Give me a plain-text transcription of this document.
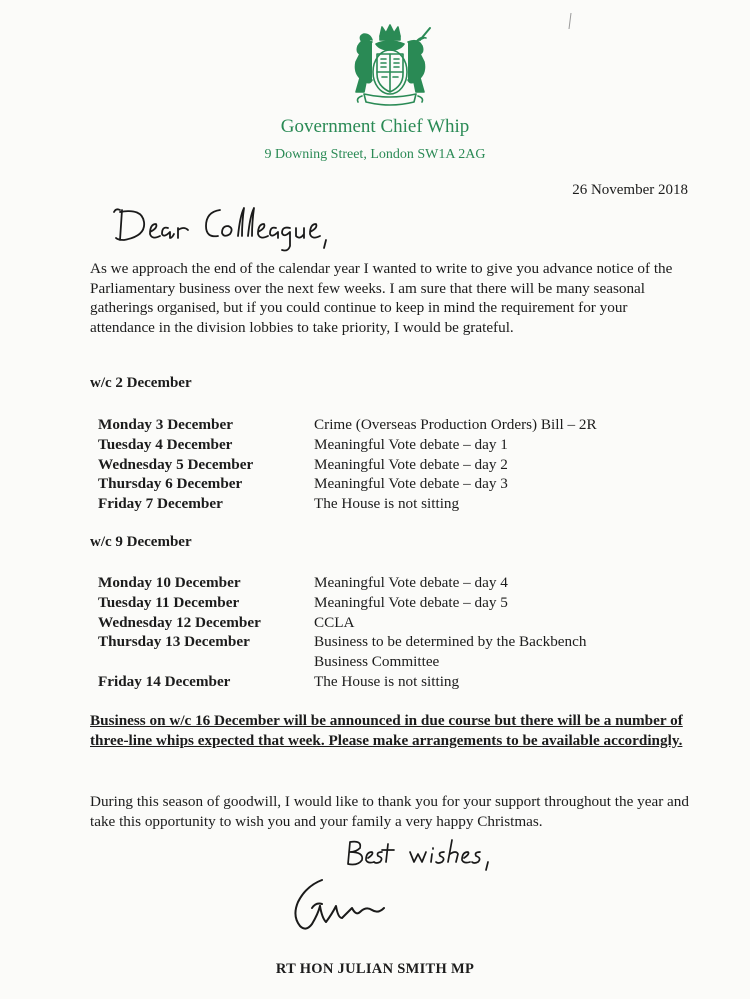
Government Chief Whip
9 Downing Street, London SW1A 2AG
26 November 2018
As we approach the end of the calendar year I wanted to write to give you advance notice of the Parliamentary business over the next few weeks. I am sure that there will be many seasonal gatherings organised, but if you could continue to keep in mind the requirement for your attendance in the division lobbies to take priority, I would be grateful.
w/c 2 December
Monday 3 December	Crime (Overseas Production Orders) Bill – 2R
Tuesday 4 December	Meaningful Vote debate – day 1
Wednesday 5 December	Meaningful Vote debate – day 2
Thursday 6 December	Meaningful Vote debate – day 3
Friday 7 December	The House is not sitting
w/c 9 December
Monday 10 December	Meaningful Vote debate – day 4
Tuesday 11 December	Meaningful Vote debate – day 5
Wednesday 12 December	CCLA
Thursday 13 December	Business to be determined by the Backbench Business Committee
Friday 14 December	The House is not sitting
Business on w/c 16 December will be announced in due course but there will be a number of three-line whips expected that week. Please make arrangements to be available accordingly.
During this season of goodwill, I would like to thank you for your support throughout the year and take this opportunity to wish you and your family a very happy Christmas.
RT HON JULIAN SMITH MP
